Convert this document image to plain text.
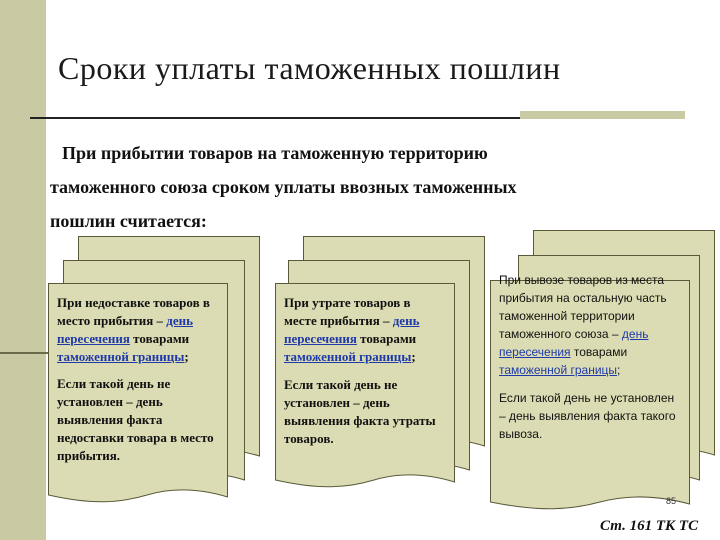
Сроки уплаты таможенных пошлин
При прибытии товаров на таможенную территорию
таможенного союза сроком уплаты ввозных таможенных
пошлин считается:

При недоставке товаров в место прибытия – день пересечения товарами таможенной границы;

Если такой день не установлен – день выявления факта недоставки товара в место прибытия.

При утрате товаров в месте прибытия – день пересечения товарами таможенной границы;

Если такой день не установлен – день выявления факта утраты товаров.

При вывозе товаров из места прибытия на остальную часть таможенной территории таможенного союза – день пересечения товарами таможенной границы;

Если такой день не установлен – день выявления факта такого вывоза.

85
Ст. 161 ТК ТС
